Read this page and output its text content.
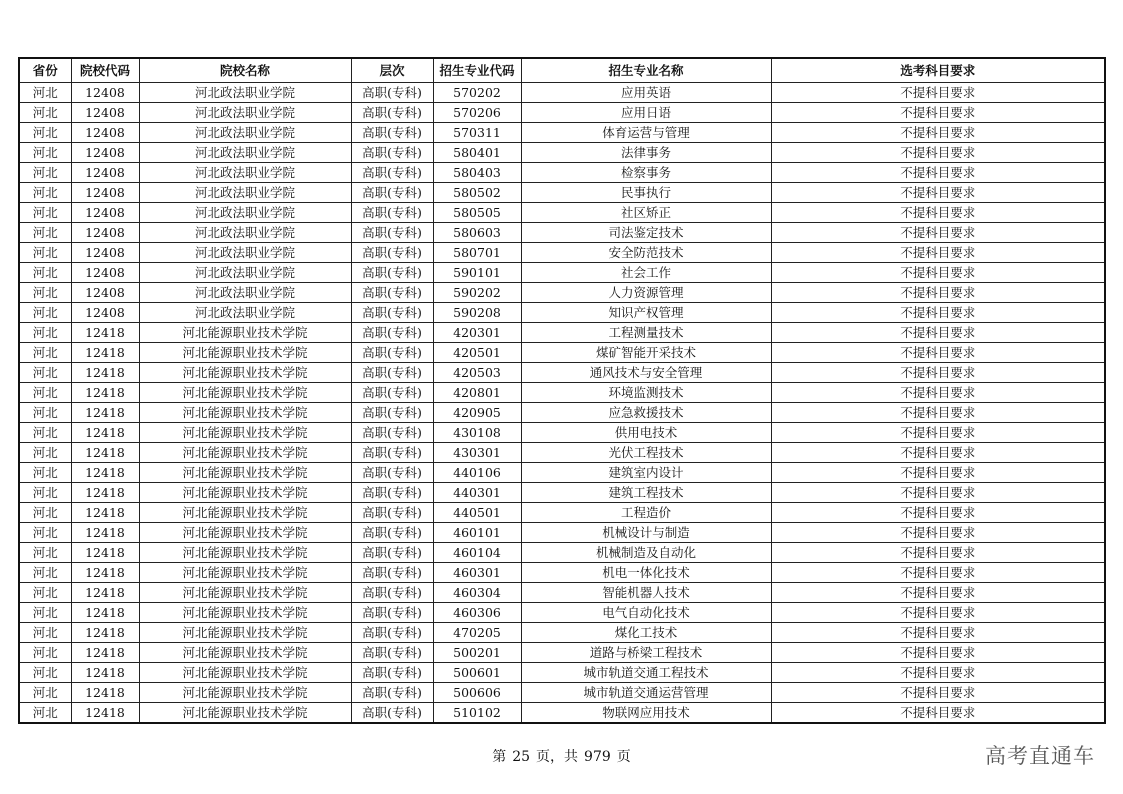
省份	院校代码	院校名称	层次	招生专业代码	招生专业名称	选考科目要求
河北	12408	河北政法职业学院	高职(专科)	570202	应用英语	不提科目要求
河北	12408	河北政法职业学院	高职(专科)	570206	应用日语	不提科目要求
河北	12408	河北政法职业学院	高职(专科)	570311	体育运营与管理	不提科目要求
河北	12408	河北政法职业学院	高职(专科)	580401	法律事务	不提科目要求
河北	12408	河北政法职业学院	高职(专科)	580403	检察事务	不提科目要求
河北	12408	河北政法职业学院	高职(专科)	580502	民事执行	不提科目要求
河北	12408	河北政法职业学院	高职(专科)	580505	社区矫正	不提科目要求
河北	12408	河北政法职业学院	高职(专科)	580603	司法鉴定技术	不提科目要求
河北	12408	河北政法职业学院	高职(专科)	580701	安全防范技术	不提科目要求
河北	12408	河北政法职业学院	高职(专科)	590101	社会工作	不提科目要求
河北	12408	河北政法职业学院	高职(专科)	590202	人力资源管理	不提科目要求
河北	12408	河北政法职业学院	高职(专科)	590208	知识产权管理	不提科目要求
河北	12418	河北能源职业技术学院	高职(专科)	420301	工程测量技术	不提科目要求
河北	12418	河北能源职业技术学院	高职(专科)	420501	煤矿智能开采技术	不提科目要求
河北	12418	河北能源职业技术学院	高职(专科)	420503	通风技术与安全管理	不提科目要求
河北	12418	河北能源职业技术学院	高职(专科)	420801	环境监测技术	不提科目要求
河北	12418	河北能源职业技术学院	高职(专科)	420905	应急救援技术	不提科目要求
河北	12418	河北能源职业技术学院	高职(专科)	430108	供用电技术	不提科目要求
河北	12418	河北能源职业技术学院	高职(专科)	430301	光伏工程技术	不提科目要求
河北	12418	河北能源职业技术学院	高职(专科)	440106	建筑室内设计	不提科目要求
河北	12418	河北能源职业技术学院	高职(专科)	440301	建筑工程技术	不提科目要求
河北	12418	河北能源职业技术学院	高职(专科)	440501	工程造价	不提科目要求
河北	12418	河北能源职业技术学院	高职(专科)	460101	机械设计与制造	不提科目要求
河北	12418	河北能源职业技术学院	高职(专科)	460104	机械制造及自动化	不提科目要求
河北	12418	河北能源职业技术学院	高职(专科)	460301	机电一体化技术	不提科目要求
河北	12418	河北能源职业技术学院	高职(专科)	460304	智能机器人技术	不提科目要求
河北	12418	河北能源职业技术学院	高职(专科)	460306	电气自动化技术	不提科目要求
河北	12418	河北能源职业技术学院	高职(专科)	470205	煤化工技术	不提科目要求
河北	12418	河北能源职业技术学院	高职(专科)	500201	道路与桥梁工程技术	不提科目要求
河北	12418	河北能源职业技术学院	高职(专科)	500601	城市轨道交通工程技术	不提科目要求
河北	12418	河北能源职业技术学院	高职(专科)	500606	城市轨道交通运营管理	不提科目要求
河北	12418	河北能源职业技术学院	高职(专科)	510102	物联网应用技术	不提科目要求
第 25 页，共 979 页	高考直通车
